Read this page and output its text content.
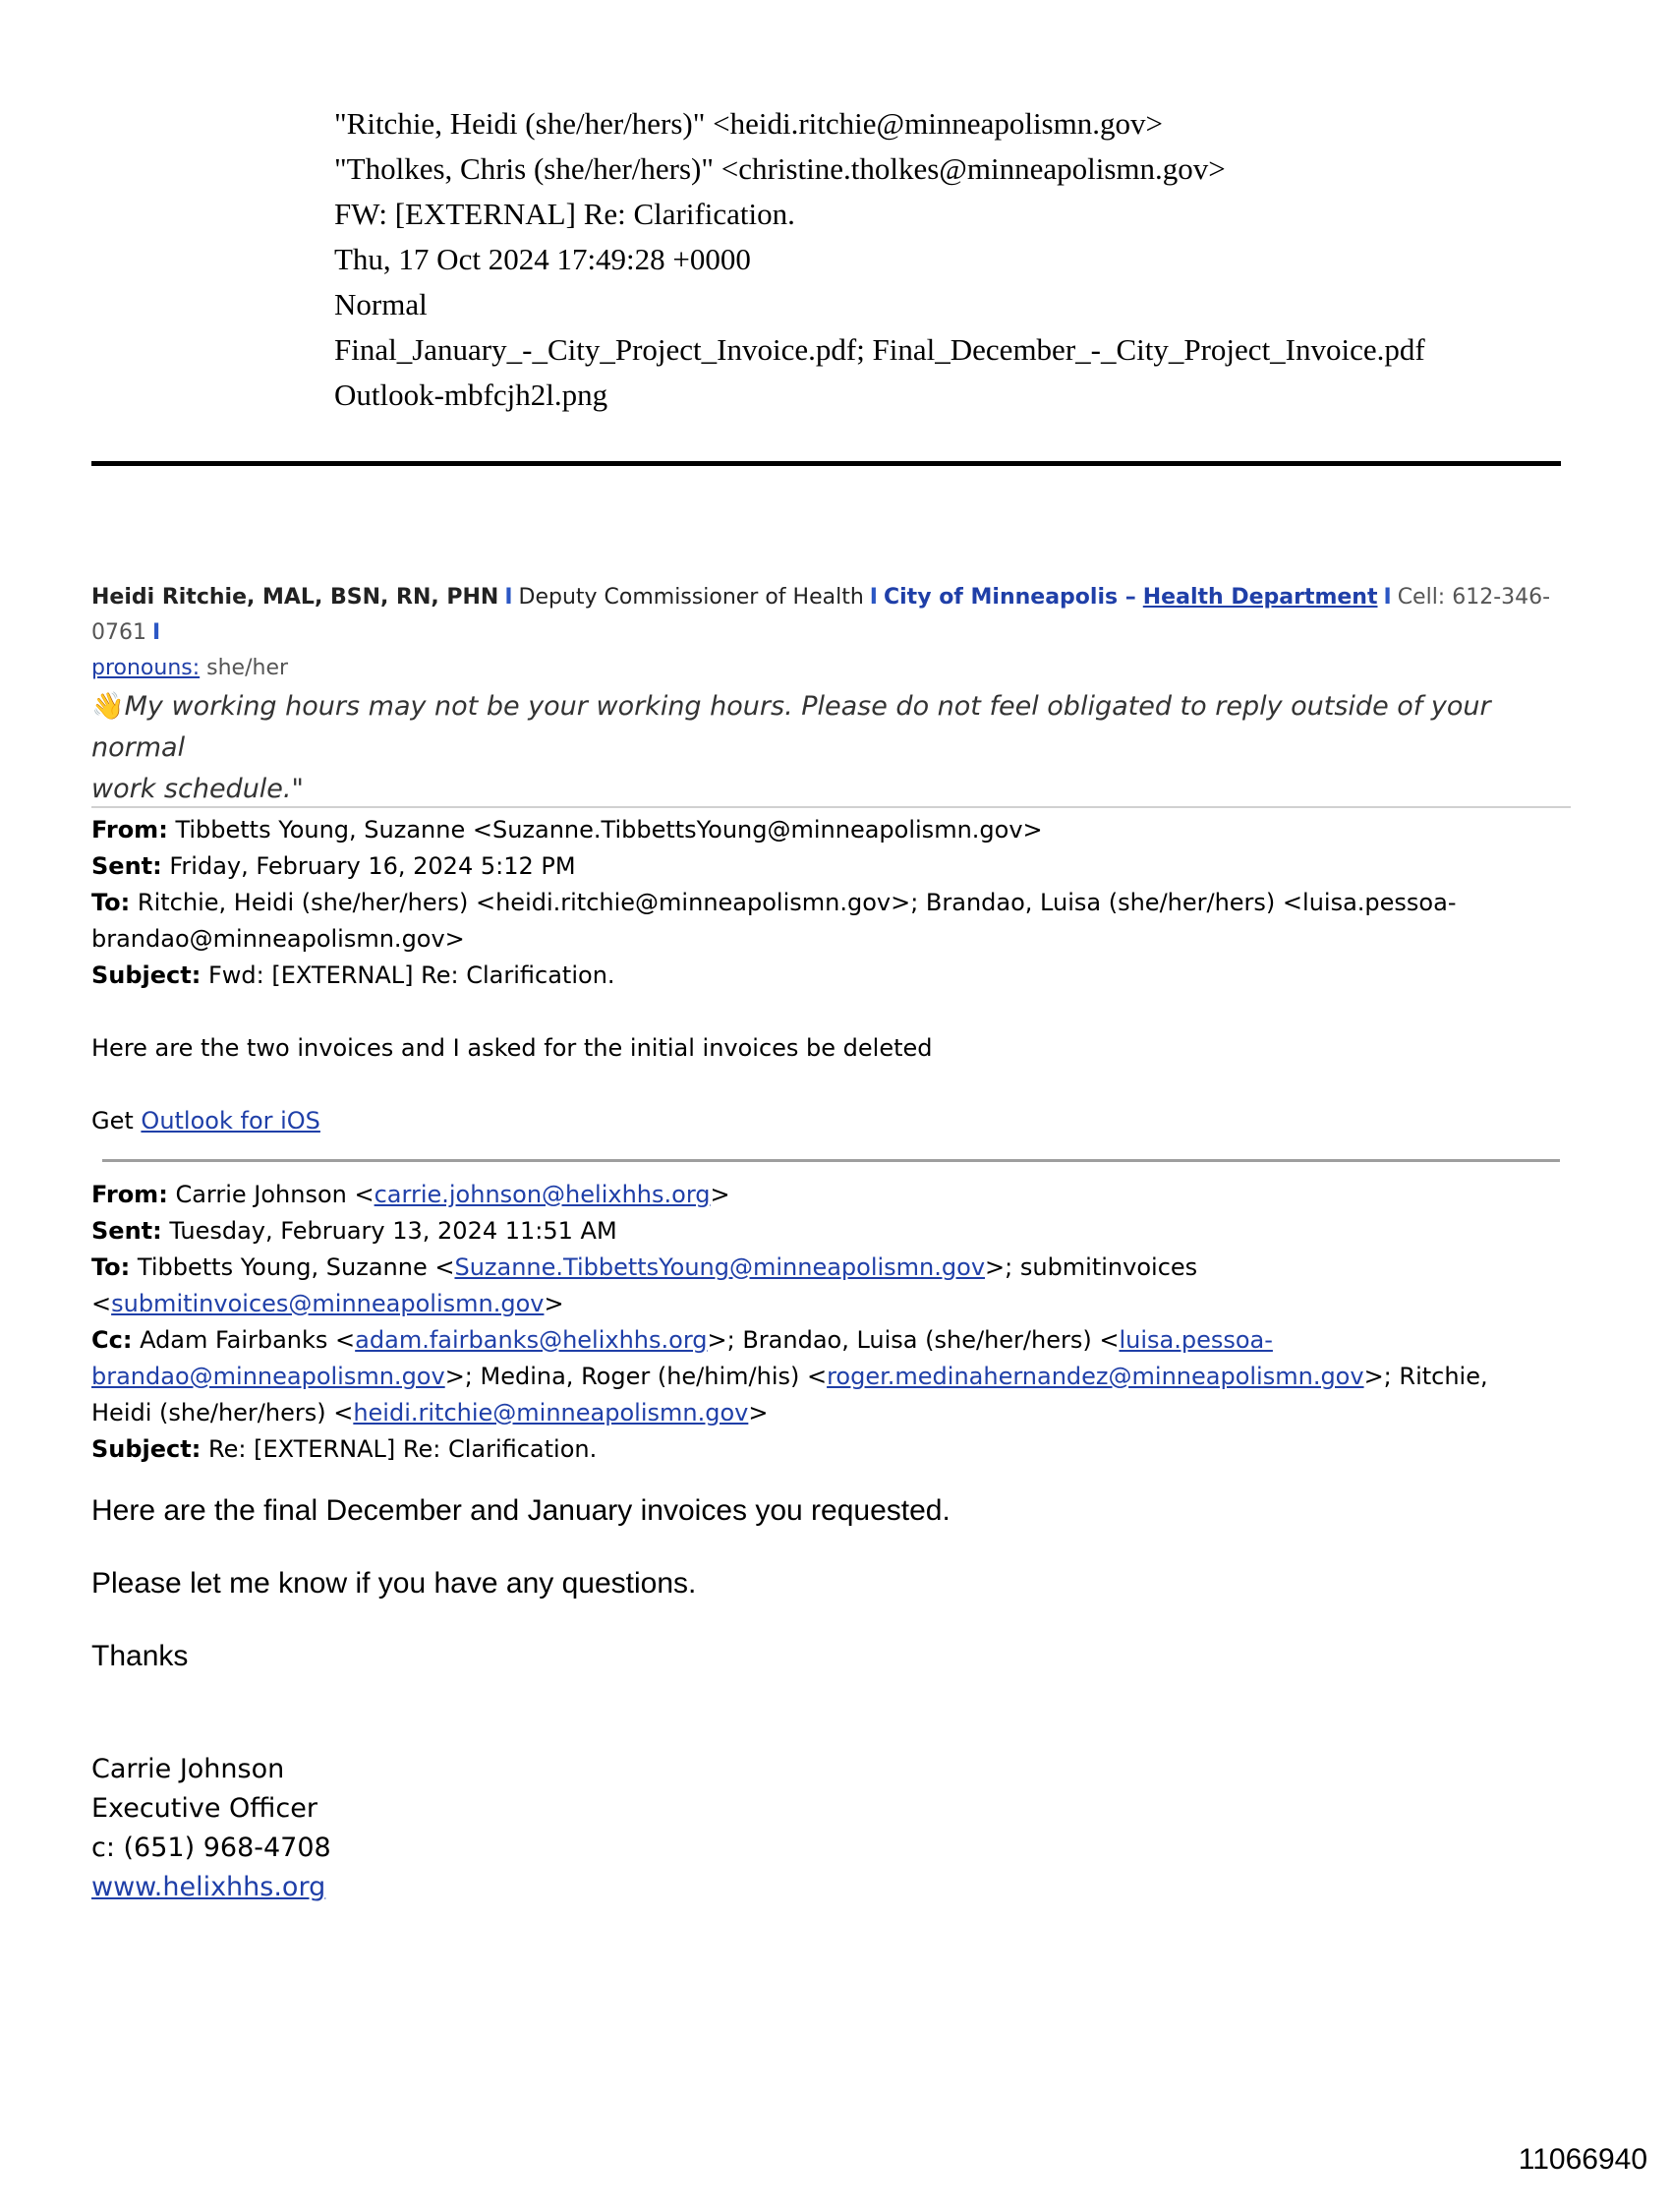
"Ritchie, Heidi (she/her/hers)" <heidi.ritchie@minneapolismn.gov>
"Tholkes, Chris (she/her/hers)" <christine.tholkes@minneapolismn.gov>
FW: [EXTERNAL] Re: Clarification.
Thu, 17 Oct 2024 17:49:28 +0000
Normal
Final_January_-_City_Project_Invoice.pdf; Final_December_-_City_Project_Invoice.pdf
Outlook-mbfcjh2l.png
Heidi Ritchie, MAL, BSN, RN, PHN I Deputy Commissioner of Health I City of Minneapolis – Health Department I Cell: 612-346-0761 I
pronouns: she/her
👋My working hours may not be your working hours. Please do not feel obligated to reply outside of your normal
work schedule."

From: Tibbetts Young, Suzanne <Suzanne.TibbettsYoung@minneapolismn.gov>

Sent: Friday, February 16, 2024 5:12 PM

To: Ritchie, Heidi (she/her/hers) <heidi.ritchie@minneapolismn.gov>; Brandao, Luisa (she/her/hers) <luisa.pessoa-

brandao@minneapolismn.gov>

Subject: Fwd: [EXTERNAL] Re: Clarification.

Here are the two invoices and I asked for the initial invoices be deleted

Get Outlook for iOS

From: Carrie Johnson <carrie.johnson@helixhhs.org>

Sent: Tuesday, February 13, 2024 11:51 AM

To: Tibbetts Young, Suzanne <Suzanne.TibbettsYoung@minneapolismn.gov>; submitinvoices

<submitinvoices@minneapolismn.gov>

Cc: Adam Fairbanks <adam.fairbanks@helixhhs.org>; Brandao, Luisa (she/her/hers) <luisa.pessoa-

brandao@minneapolismn.gov>; Medina, Roger (he/him/his) <roger.medinahernandez@minneapolismn.gov>; Ritchie,

Heidi (she/her/hers) <heidi.ritchie@minneapolismn.gov>

Subject: Re: [EXTERNAL] Re: Clarification.

Here are the final December and January invoices you requested.
Please let me know if you have any questions.
Thanks

Carrie Johnson

Executive Officer

c: (651) 968-4708

www.helixhhs.org

11066940
